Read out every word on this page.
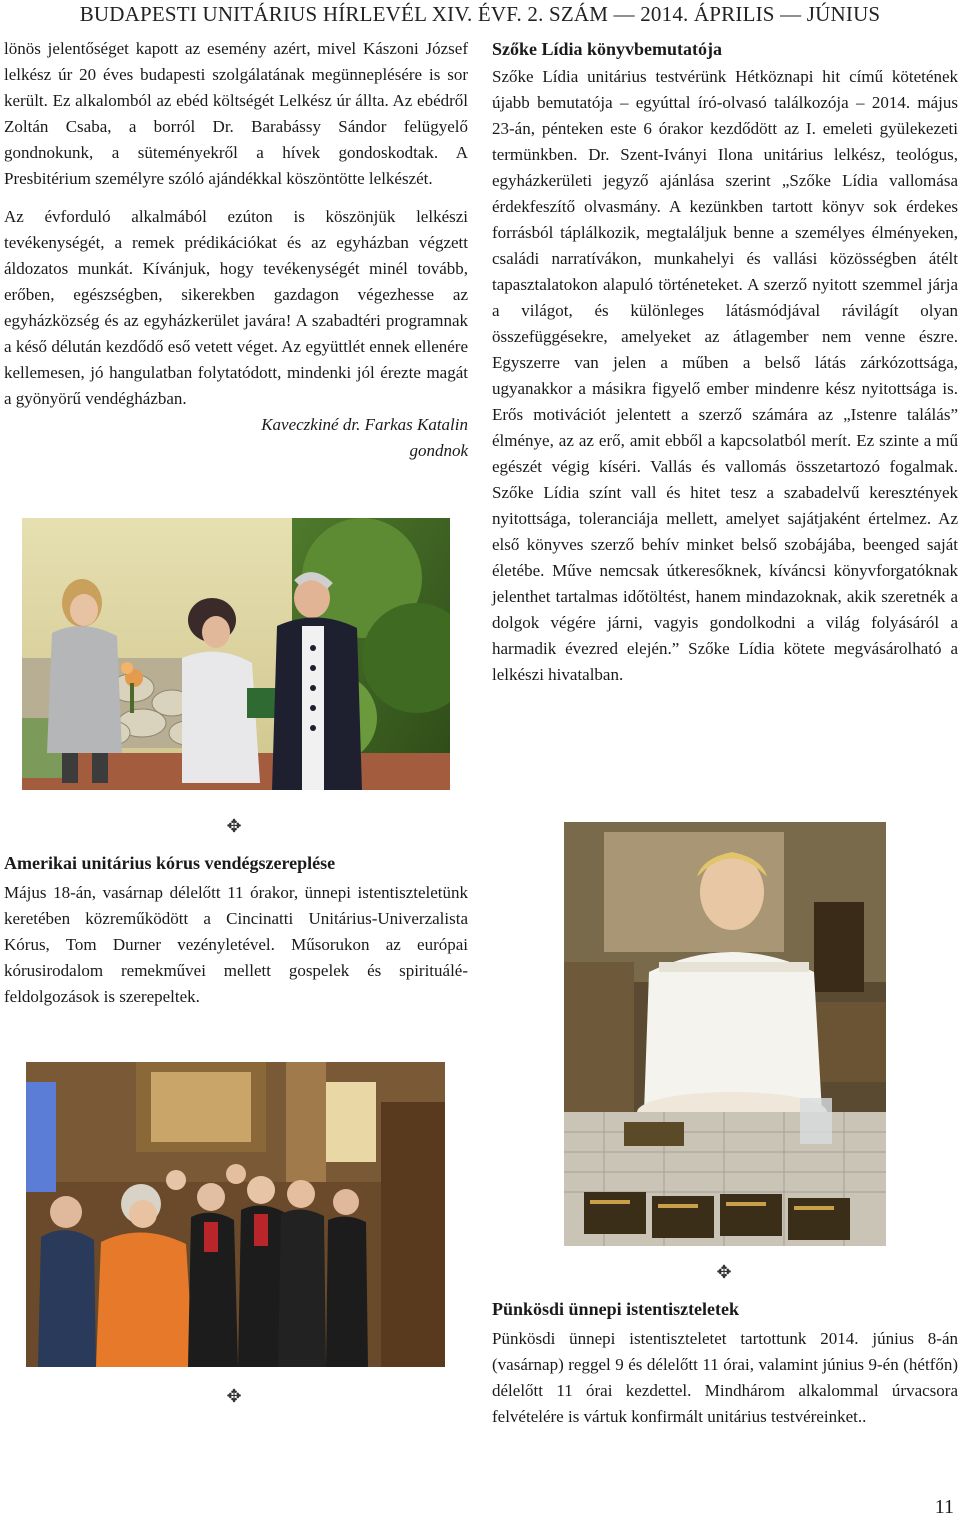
BUDAPESTI UNITÁRIUS HÍRLEVÉL XIV. ÉVF. 2. SZÁM — 2014. ÁPRILIS — JÚNIUS

lönös jelentőséget kapott az esemény azért, mivel Kászoni József lelkész úr 20 éves budapesti szolgálatának megünneplésére is sor került. Ez alkalomból az ebéd költségét Lelkész úr állta. Az ebédről Zoltán Csaba, a borról Dr. Barabássy Sándor felügyelő gondnokunk, a süteményekről a hívek gondoskodtak. A Presbitérium személyre szóló ajándékkal köszöntötte lelkészét.

Az évforduló alkalmából ezúton is köszönjük lelkészi tevékenységét, a remek prédikációkat és az egyházban végzett áldozatos munkát. Kívánjuk, hogy tevékenységét minél tovább, erőben, egészségben, sikerekben gazdagon végezhesse az egyházközség és az egyházkerület javára! A szabadtéri programnak a késő délután kezdődő eső vetett véget. Az együttlét ennek ellenére kellemesen, jó hangulatban folytatódott, mindenki jól érezte magát a gyönyörű vendégházban.

Kaveczkiné dr. Farkas Katalin
gondnok
✥
Amerikai unitárius kórus vendégszereplése

Május 18-án, vasárnap délelőtt 11 órakor, ünnepi istentiszteletünk keretében közreműködött a Cincinatti Unitárius-Univerzalista Kórus, Tom Durner vezényletével. Műsorukon az európai kórusirodalom remekművei mellett gospelek és spirituálé-feldolgozások is szerepeltek.

✥
Szőke Lídia könyvbemutatója

Szőke Lídia unitárius testvérünk Hétköznapi hit című kötetének újabb bemutatója – egyúttal író-olvasó találkozója – 2014. május 23-án, pénteken este 6 órakor kezdődött az I. emeleti gyülekezeti termünkben. Dr. Szent-Iványi Ilona unitárius lelkész, teológus, egyházkerületi jegyző ajánlása szerint „Szőke Lídia vallomása érdekfeszítő olvasmány. A kezünkben tartott könyv sok érdekes forrásból táplálkozik, megtaláljuk benne a személyes élményeken, családi narratívákon, munkahelyi és vallási közösségben átélt tapasztalatokon alapuló történeteket. A szerző nyitott szemmel járja a világot, és különleges látásmódjával rávilágít olyan összefüggésekre, amelyeket az átlagember nem venne észre. Egyszerre van jelen a műben a belső látás zárkózottsága, ugyanakkor a másikra figyelő ember mindenre kész nyitottsága is. Erős motivációt jelentett a szerző számára az „Istenre találás” élménye, az az erő, amit ebből a kapcsolatból merít. Ez szinte a mű egészét végig kíséri. Vallás és vallomás összetartozó fogalmak. Szőke Lídia színt vall és hitet tesz a szabadelvű keresztények nyitottsága, toleranciája mellett, amelyet sajátjaként értelmez. Az első könyves szerző behív minket belső szobájába, beenged saját életébe. Műve nemcsak útkeresőknek, kíváncsi könyvforgatóknak jelenthet tartalmas időtöltést, hanem mindazoknak, akik szeretnék a dolgok végére járni, vagyis gondolkodni a világ folyásáról a harmadik évezred elején.” Szőke Lídia kötete megvásárolható a lelkészi hivatalban.

✥
Pünkösdi ünnepi istentiszteletek

Pünkösdi ünnepi istentiszteletet tartottunk 2014. június 8-án (vasárnap) reggel 9 és délelőtt 11 órai, valamint június 9-én (hétfőn) délelőtt 11 órai kezdettel. Mindhárom alkalommal úrvacsora felvételére is vártuk konfirmált unitárius testvéreinket..

11
